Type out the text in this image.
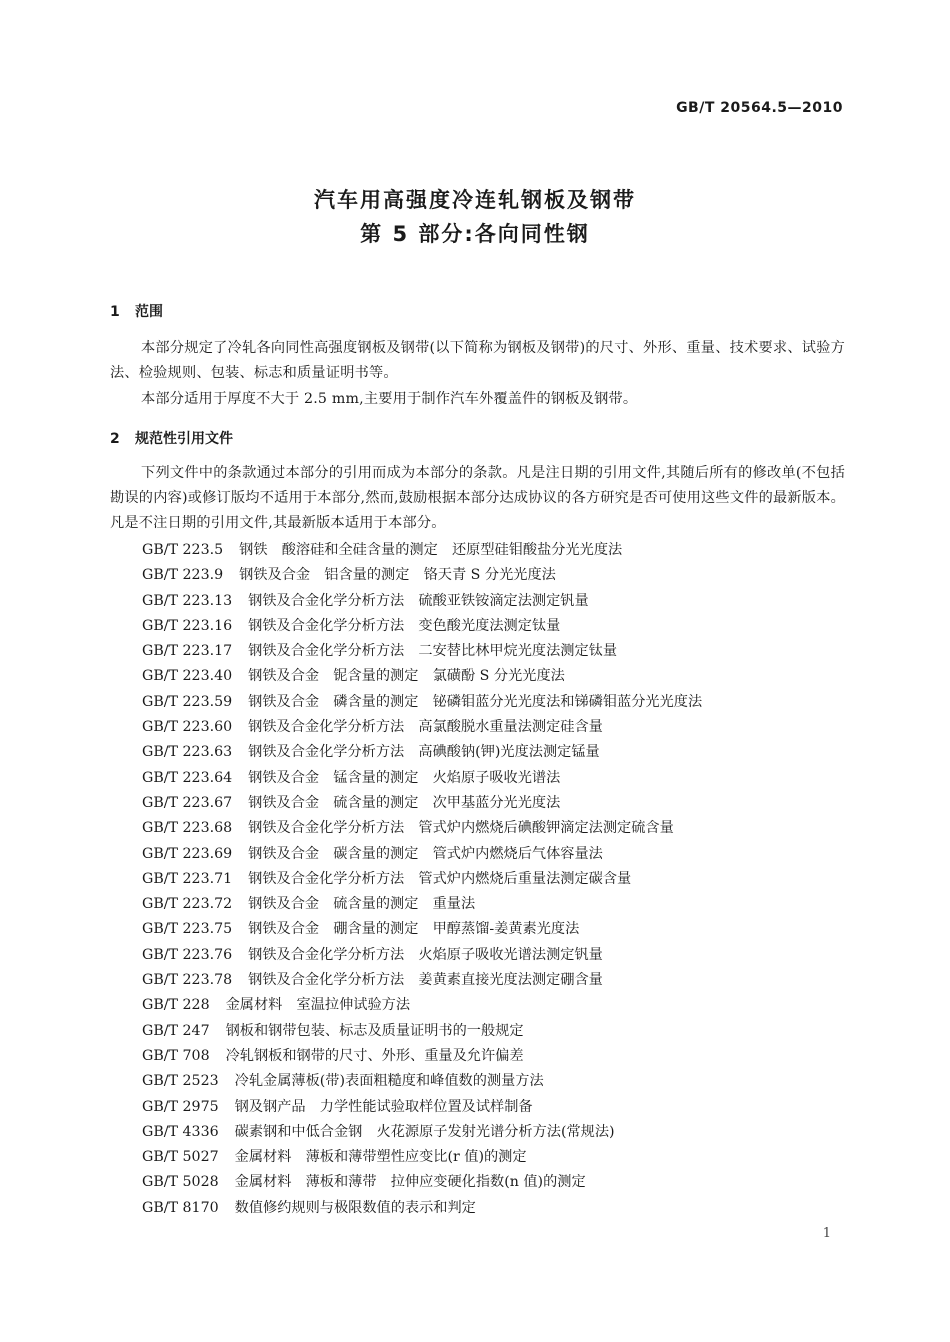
GB/T 20564.5—2010
汽车用高强度冷连轧钢板及钢带
第 5 部分:各向同性钢
1 范围

本部分规定了冷轧各向同性高强度钢板及钢带(以下简称为钢板及钢带)的尺寸、外形、重量、技术要求、试验方法、检验规则、包装、标志和质量证明书等。

本部分适用于厚度不大于 2.5 mm,主要用于制作汽车外覆盖件的钢板及钢带。

2 规范性引用文件

下列文件中的条款通过本部分的引用而成为本部分的条款。凡是注日期的引用文件,其随后所有的修改单(不包括勘误的内容)或修订版均不适用于本部分,然而,鼓励根据本部分达成协议的各方研究是否可使用这些文件的最新版本。凡是不注日期的引用文件,其最新版本适用于本部分。

GB/T 223.5 钢铁　酸溶硅和全硅含量的测定　还原型硅钼酸盐分光光度法
GB/T 223.9 钢铁及合金　铝含量的测定　铬天青 S 分光光度法
GB/T 223.13 钢铁及合金化学分析方法　硫酸亚铁铵滴定法测定钒量
GB/T 223.16 钢铁及合金化学分析方法　变色酸光度法测定钛量
GB/T 223.17 钢铁及合金化学分析方法　二安替比林甲烷光度法测定钛量
GB/T 223.40 钢铁及合金　铌含量的测定　氯磺酚 S 分光光度法
GB/T 223.59 钢铁及合金　磷含量的测定　铋磷钼蓝分光光度法和锑磷钼蓝分光光度法
GB/T 223.60 钢铁及合金化学分析方法　高氯酸脱水重量法测定硅含量
GB/T 223.63 钢铁及合金化学分析方法　高碘酸钠(钾)光度法测定锰量
GB/T 223.64 钢铁及合金　锰含量的测定　火焰原子吸收光谱法
GB/T 223.67 钢铁及合金　硫含量的测定　次甲基蓝分光光度法
GB/T 223.68 钢铁及合金化学分析方法　管式炉内燃烧后碘酸钾滴定法测定硫含量
GB/T 223.69 钢铁及合金　碳含量的测定　管式炉内燃烧后气体容量法
GB/T 223.71 钢铁及合金化学分析方法　管式炉内燃烧后重量法测定碳含量
GB/T 223.72 钢铁及合金　硫含量的测定　重量法
GB/T 223.75 钢铁及合金　硼含量的测定　甲醇蒸馏-姜黄素光度法
GB/T 223.76 钢铁及合金化学分析方法　火焰原子吸收光谱法测定钒量
GB/T 223.78 钢铁及合金化学分析方法　姜黄素直接光度法测定硼含量
GB/T 228 金属材料　室温拉伸试验方法
GB/T 247 钢板和钢带包装、标志及质量证明书的一般规定
GB/T 708 冷轧钢板和钢带的尺寸、外形、重量及允许偏差
GB/T 2523 冷轧金属薄板(带)表面粗糙度和峰值数的测量方法
GB/T 2975 钢及钢产品　力学性能试验取样位置及试样制备
GB/T 4336 碳素钢和中低合金钢　火花源原子发射光谱分析方法(常规法)
GB/T 5027 金属材料　薄板和薄带塑性应变比(r 值)的测定
GB/T 5028 金属材料　薄板和薄带　拉伸应变硬化指数(n 值)的测定
GB/T 8170 数值修约规则与极限数值的表示和判定
1
